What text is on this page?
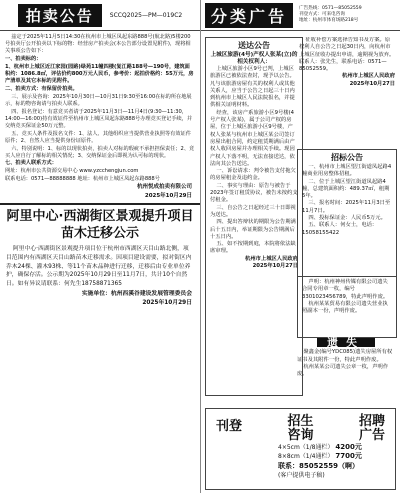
拍卖公告	SCCQ2025—PM—019C2

兹定于2025年11月5日14:30在杭州市上城区凤起东路888号(航北路)5楼200号拍卖厅公开拍卖以下标的物：经营房产拍卖会(本公告部分设置见附件)，现将相关事项公告如下：

一、拍卖标的：

1、杭州市上城区近江家园(园路)绿苑11幢四楼(复江路188号—190号，建筑面积约：1086.8㎡，评估价约800万元人民币，参考价：起拍价格约：55万元，房产清单及其它本标的见附件。

二、拍卖方式：有保留价拍卖。

三、展示及咨询：2025年10月30日—10月31日9:30至16:00在标的所在地展示，标的物咨询请与拍卖人联系。

四、报名登记：有意竞买者请于2025年11月3日—11月4日(9:30—11:30，14:00—16:00)持有效证件至杭州市上城区凤起东路888号办理竞买登记手续，并交纳竞买保证金50万元整。

五、竞买人条件及报名文件：1、法人、其他组织应当提供营业执照等有效证件原件；2、自然人应当提供身份证原件。

六、特别说明：1、标的以现状拍卖，拍卖人对标的瑕疵不承担担保责任；2、竞买人应自行了解标的相关情况；3、交纳保证金后即视为认可标的现状。

七、拍卖人联系方式：

网址：杭州市公共资源交易中心 www.yzcchengjun.com

联系电话：0571—88888888 地址：杭州市上城区凤起东路888号

杭州悦成拍卖有限公司
2025年10月29日
阿里中心·西湖街区景观提升项目
苗木迁移公示

阿里中心·西湖街区景观提升项目位于杭州市西湖区天目山路北侧，项目范围内有西湖区天目山路苗木迁移需求。因项目建设需要，拟对街区内乔木24棵、灌木93株、等11个苗木品种进行迁移，迁移后由专业单位养护，确保存活。公示期为2025年10月29日至11月7日，共计10个自然日。如有异议请联系：何先生18758871365

实施单位：杭州西溪谷建设发展管理委员会
2025年10月29日
分类广告	广告热线：0571—85052559
刊登方式：可来电咨询
地址：杭州市体育场路218号
送达公告
上城区旅游(4号)产权人张某(立)的相关权利人：

上城区旅游小区9号已判，上城区旅游区已被依法查封，现予以公告。凡与该旅游房屋有关的权利人或其他关系人，应当于公告之日起三十日内到杭州市上城区人民法院报名，并提供相关证明材料。

经查，该房产系旅游小区9号楼(4号产权人张某)，属于公司产权的房屋，位于上城区旅游小区9号楼，产权人张某与杭州市上城区某公司签订房屋出租合同，约定租赁期满后由产权人收回房屋并办理相关手续。现因产权人下落不明，无法直接送达，依法向其公告送达。

一、诉讼请求：判令被告支付拖欠的房屋租金及违约金。

二、事实与理由：原告与被告于2023年签订租赁协议，被告未按约支付租金。

三、自公告之日起经过三十日即视为送达。

四、提出答辩状的期限为公告期满后十五日内，举证期限为公告期满后十五日内。

五、如不按期到庭，本院将依法缺席审理。

杭州市上城区人民政府
2025年10月27日

征收补偿方案选择告知书及方案。原权利人自公告之日起30日内，向杭州市上城区征收办提出申请，逾期视为放弃。联系人：张先生，联系电话：0571—85052559。

杭州市上城区人民政府
2025年10月27日
招标公告

一、杭州市上城区望江街道凤起路4幢商业用房整体招租。

二、位于上城区望江街道凤起路4幢，总建筑面积约：489.37㎡，租期5年。

三、报名时间：2025年11月3日至11月7日。

四、投标保证金：人民币5万元。

五、联系人：何女士，电话：15058155422

声明：杭州神州传媒有限公司遗失合同专用章一枚，编号3301023456789，特此声明作废。

杭州某某贸易有限公司遗失营业执照副本一份，声明作废。

遗失

聚鑫金(编号YDC085)遗失房屋所有权证书及其附件一份，特此声明作废。

杭州某某公司遗失公章一枚，声明作废。

刊登	招生
咨询
招聘
广告
4×5cm（1/8通栏） 4200元
8×8cm（1/4通栏） 7700元
联系：85052559（啊）
(客户提供电子稿)
